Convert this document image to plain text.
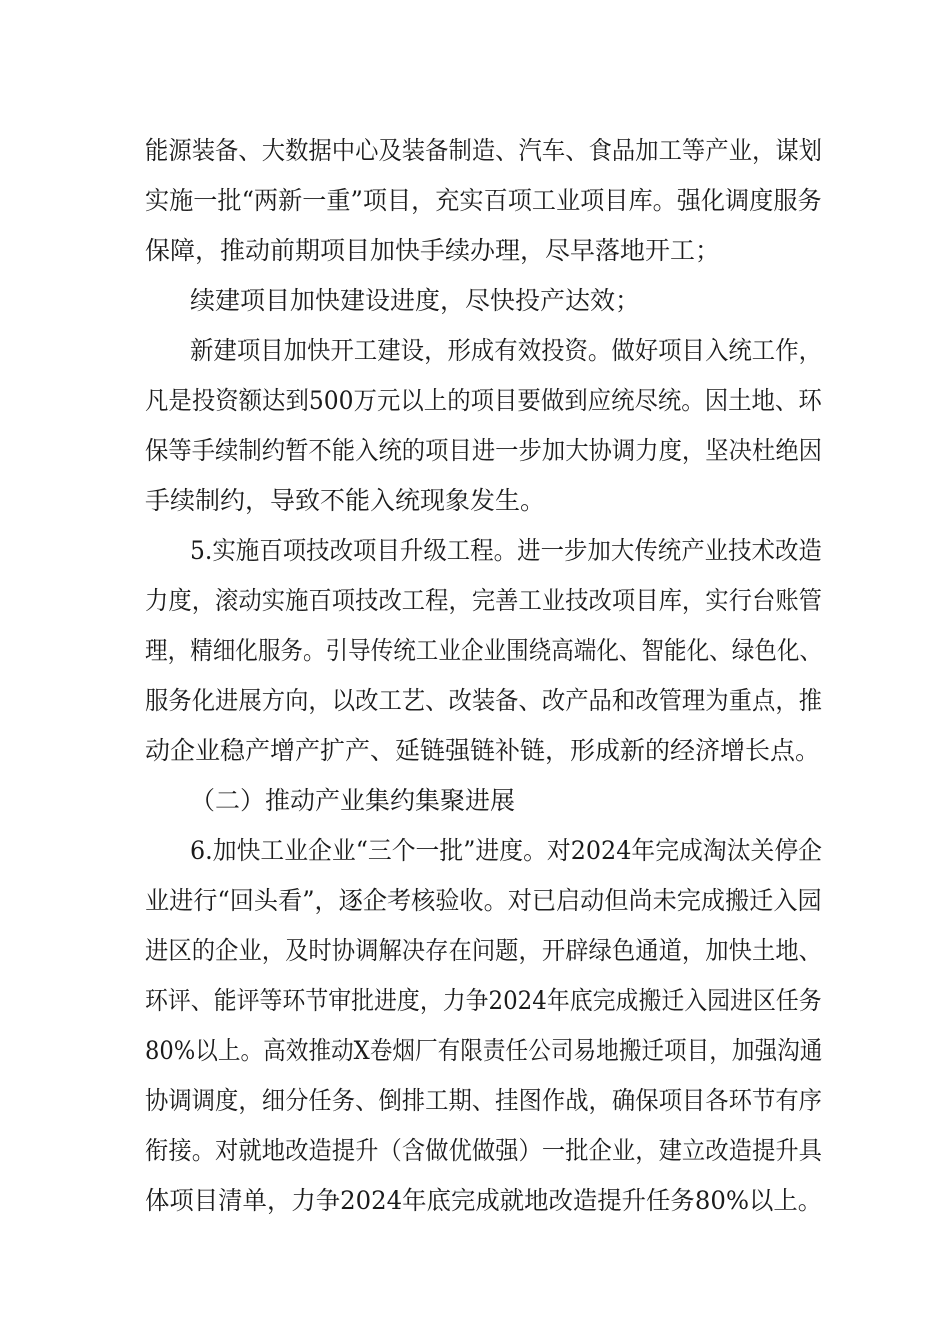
能源装备、大数据中心及装备制造、汽车、食品加工等产业，谋划
实施一批“两新一重”项目，充实百项工业项目库。强化调度服务
保障，推动前期项目加快手续办理，尽早落地开工；
续建项目加快建设进度，尽快投产达效；
新建项目加快开工建设，形成有效投资。做好项目入统工作，
凡是投资额达到500万元以上的项目要做到应统尽统。因土地、环
保等手续制约暂不能入统的项目进一步加大协调力度，坚决杜绝因
手续制约，导致不能入统现象发生。
5.实施百项技改项目升级工程。进一步加大传统产业技术改造
力度，滚动实施百项技改工程，完善工业技改项目库，实行台账管
理，精细化服务。引导传统工业企业围绕高端化、智能化、绿色化、
服务化进展方向，以改工艺、改装备、改产品和改管理为重点，推
动企业稳产增产扩产、延链强链补链，形成新的经济增长点。
（二）推动产业集约集聚进展
6.加快工业企业“三个一批”进度。对2024年完成淘汰关停企
业进行“回头看”，逐企考核验收。对已启动但尚未完成搬迁入园
进区的企业，及时协调解决存在问题，开辟绿色通道，加快土地、
环评、能评等环节审批进度，力争2024年底完成搬迁入园进区任务
80%以上。高效推动X卷烟厂有限责任公司易地搬迁项目，加强沟通
协调调度，细分任务、倒排工期、挂图作战，确保项目各环节有序
衔接。对就地改造提升（含做优做强）一批企业，建立改造提升具
体项目清单，力争2024年底完成就地改造提升任务80%以上。
